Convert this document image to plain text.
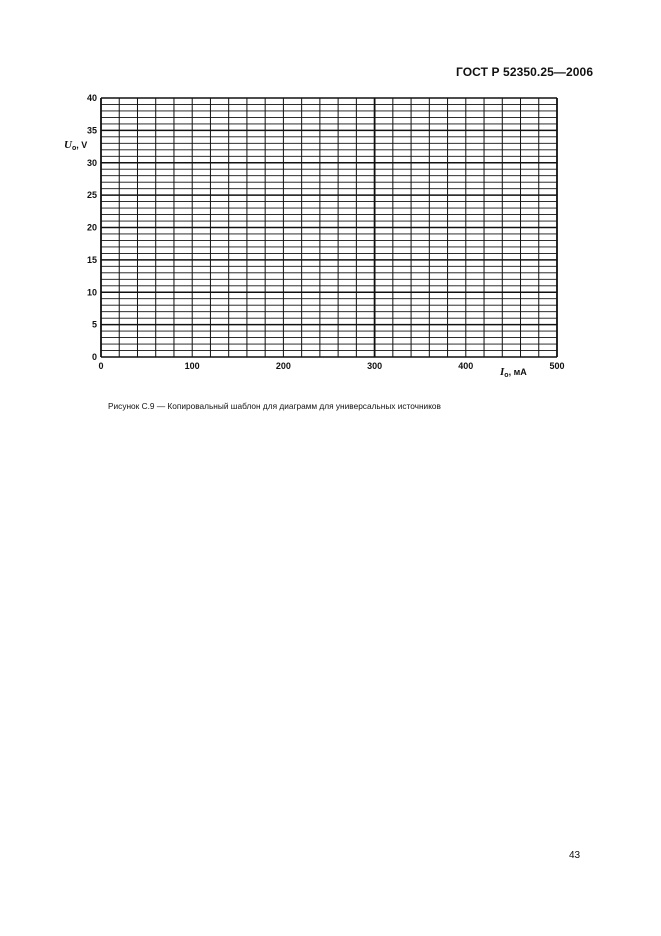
ГОСТ Р 52350.25—2006
0
5
10
15
20
25
30
35
40
0	100	200	300	400	500
$U_o$, V
$I_o$, мА
Рисунок С.9 — Копировальный шаблон для диаграмм для универсальных источников
43
